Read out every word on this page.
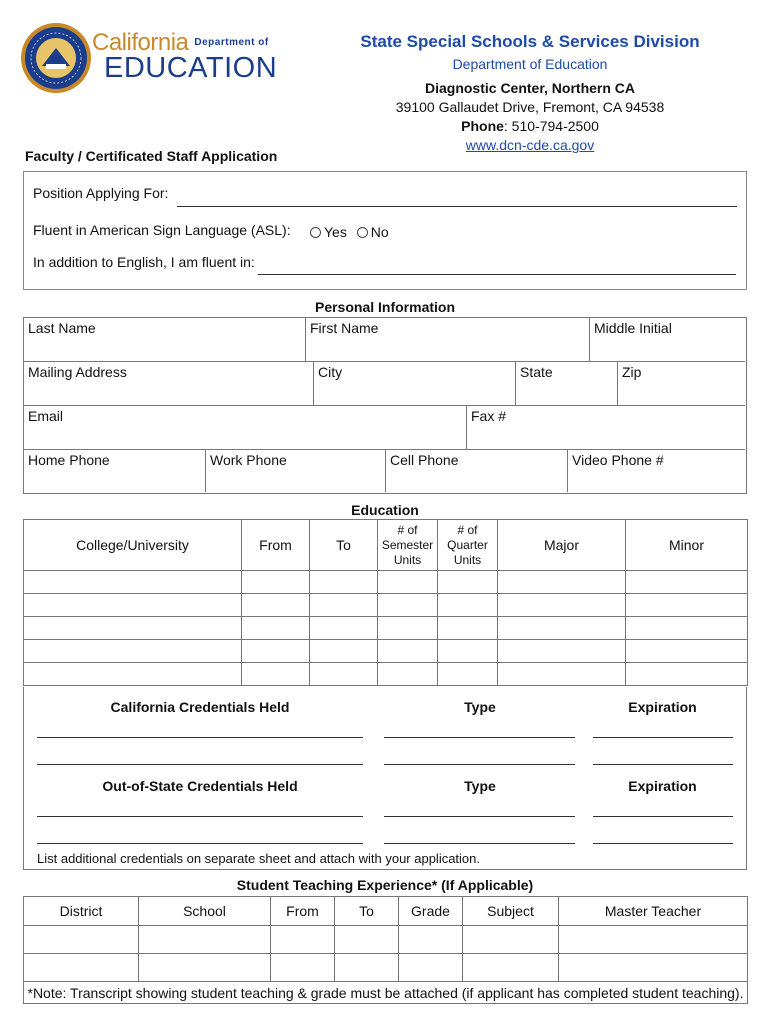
California $^{Department of}$
EDUCATION
State Special Schools & Services Division
Department of Education
Diagnostic Center, Northern CA
39100 Gallaudet Drive, Fremont, CA 94538
Phone: 510-794-2500
www.dcn-cde.ca.gov
Faculty / Certificated Staff Application
Position Applying For:
Fluent in American Sign Language (ASL):	Yes No
In addition to English, I am fluent in:
Personal Information
Last Name	First Name	Middle Initial
Mailing Address	City	State	Zip
Email	Fax #
Home Phone	Work Phone	Cell Phone	Video Phone #
Education
College/University	From	To	# of Semester Units	# of Quarter Units	Major	Minor

California Credentials Held	Type	Expiration
Out-of-State Credentials Held	Type	Expiration
List additional credentials on separate sheet and attach with your application.
Student Teaching Experience* (If Applicable)
District	School	From	To	Grade	Subject	Master Teacher

*Note: Transcript showing student teaching & grade must be attached (if applicant has completed student teaching).						
